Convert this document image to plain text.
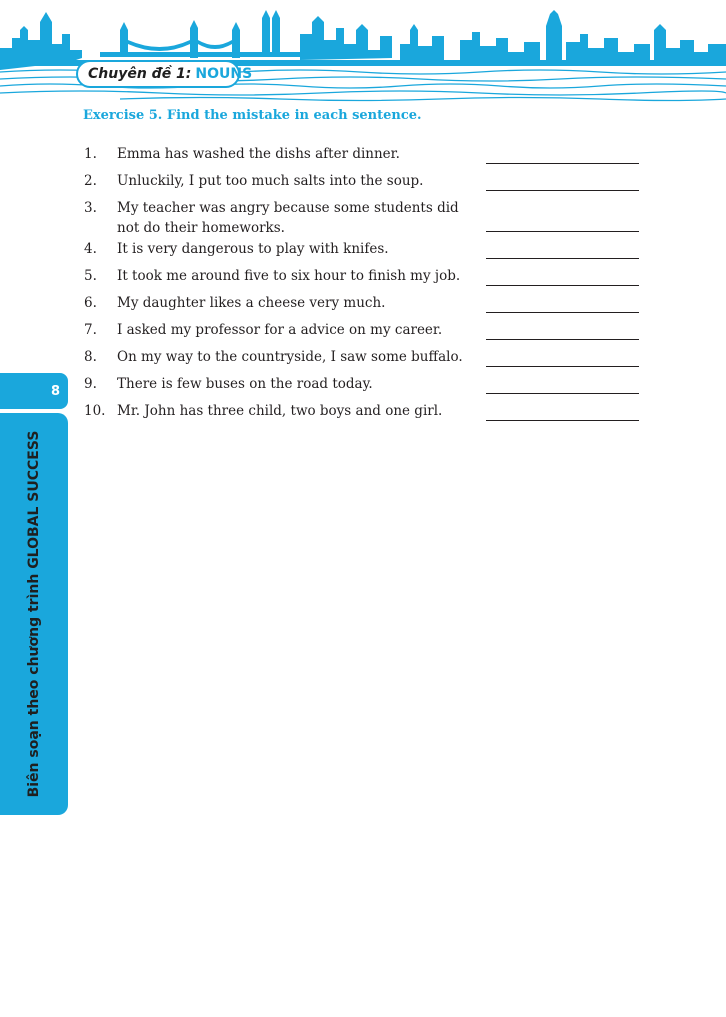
Chuyên đề 1: NOUNS
Exercise 5. Find the mistake in each sentence.
1.	Emma has washed the dishs after dinner.
2.	Unluckily, I put too much salts into the soup.
3.	My teacher was angry because some students did not do their homeworks.
4.	It is very dangerous to play with knifes.
5.	It took me around five to six hour to finish my job.
6.	My daughter likes a cheese very much.
7.	I asked my professor for a advice on my career.
8.	On my way to the countryside, I saw some buffalo.
9.	There is few buses on the road today.
10. Mr. John has three child, two boys and one girl.
8
Biên soạn theo chương trình GLOBAL SUCCESS
